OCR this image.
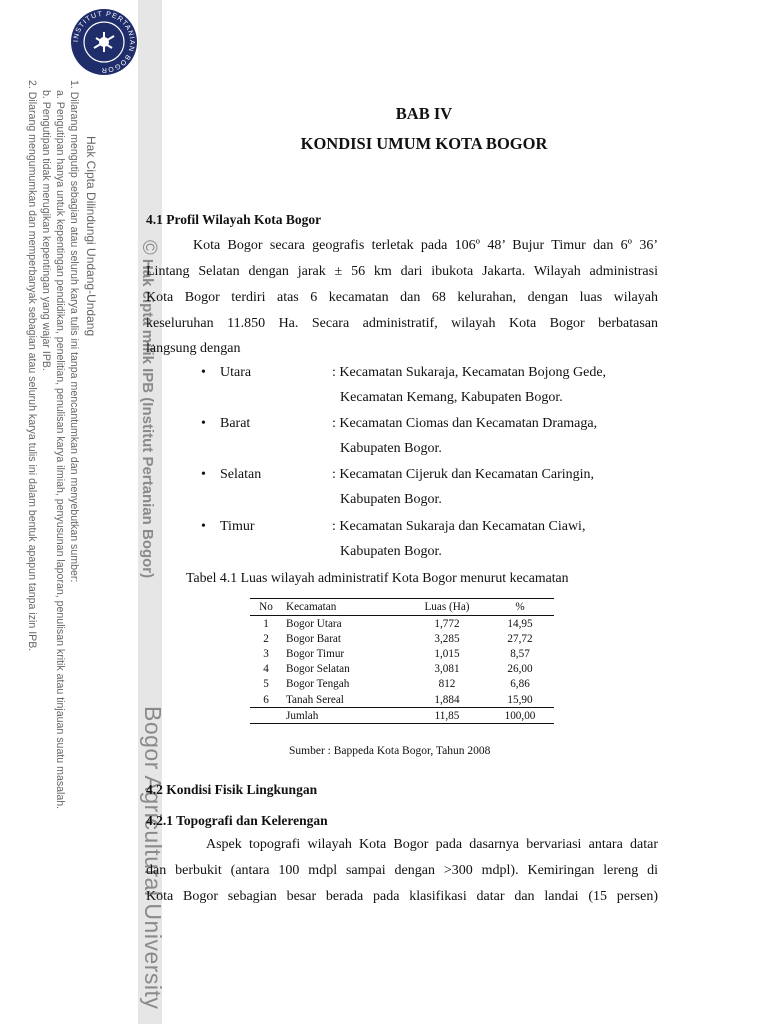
INSTITUT PERTANIAN BOGOR
Hak Cipta Dilindungi Undang-Undang
1. Dilarang mengutip sebagian atau seluruh karya tulis ini tanpa mencantumkan dan menyebutkan sumber:
a. Pengutipan hanya untuk kepentingan pendidikan, penelitian, penulisan karya ilmiah, penyusunan laporan, penulisan kritik atau tinjauan suatu masalah.
b. Pengutipan tidak merugikan kepentingan yang wajar IPB.
2. Dilarang mengumumkan dan memperbanyak sebagian atau seluruh karya tulis ini dalam bentuk apapun tanpa izin IPB.	© Hak cipta milik IPB (Institut Pertanian Bogor)
Bogor Agricultural University
BAB IV
KONDISI UMUM KOTA BOGOR
4.1 Profil Wilayah Kota Bogor
Kota Bogor secara geografis terletak pada 106º 48’ Bujur Timur dan 6º 36’
Lintang Selatan dengan jarak ± 56 km dari ibukota Jakarta. Wilayah administrasi
Kota Bogor terdiri atas 6 kecamatan dan 68 kelurahan, dengan luas wilayah
keseluruhan 11.850 Ha. Secara administratif, wilayah Kota Bogor berbatasan
langsung dengan
• Utara	: Kecamatan Sukaraja, Kecamatan Bojong Gede,
Kecamatan Kemang, Kabupaten Bogor.
• Barat	: Kecamatan Ciomas dan Kecamatan Dramaga,
Kabupaten Bogor.
• Selatan	: Kecamatan Cijeruk dan Kecamatan Caringin,
Kabupaten Bogor.
• Timur	: Kecamatan Sukaraja dan Kecamatan Ciawi,
Kabupaten Bogor.
Tabel 4.1 Luas wilayah administratif Kota Bogor menurut kecamatan
No	Kecamatan	Luas (Ha)	%
1	Bogor Utara	1,772	14,95
2	Bogor Barat	3,285	27,72
3	Bogor Timur	1,015	8,57
4	Bogor Selatan	3,081	26,00
5	Bogor Tengah	812	6,86
6	Tanah Sereal	1,884	15,90
	Jumlah	11,85	100,00
Sumber : Bappeda Kota Bogor, Tahun 2008
4.2 Kondisi Fisik Lingkungan
4.2.1 Topografi dan Kelerengan
Aspek topografi wilayah Kota Bogor pada dasarnya bervariasi antara datar
dan berbukit (antara 100 mdpl sampai dengan >300 mdpl). Kemiringan lereng di
Kota Bogor sebagian besar berada pada klasifikasi datar dan landai (15 persen)
